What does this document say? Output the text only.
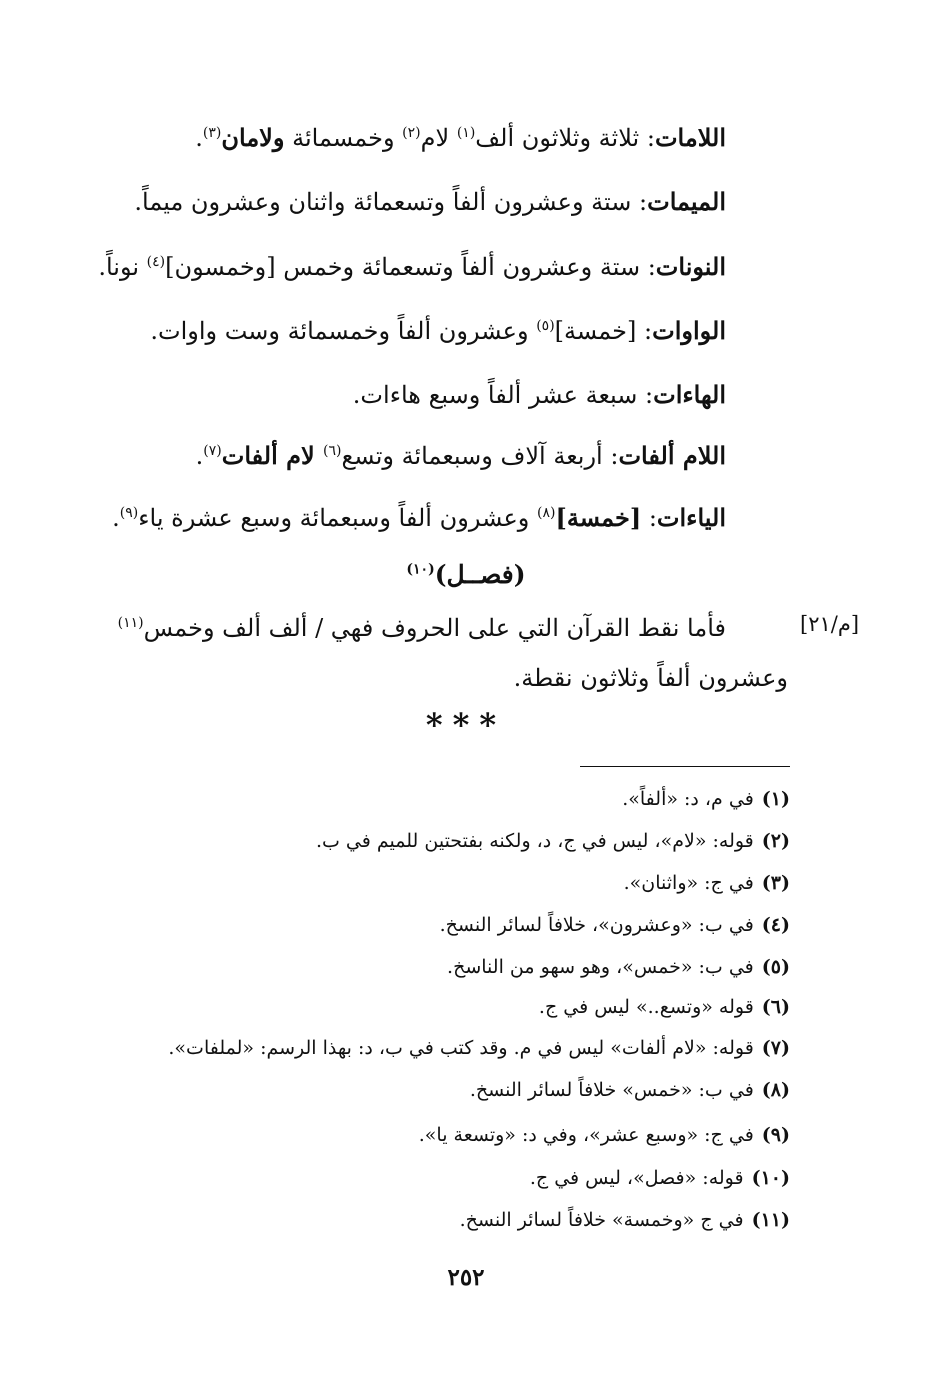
اللامات: ثلاثة وثلاثون ألف$^{(١)}$ لام$^{(٢)}$ وخمسمائة ولامان$^{(٣)}$.
الميمات: ستة وعشرون ألفاً وتسعمائة واثنان وعشرون ميماً.
النونات: ستة وعشرون ألفاً وتسعمائة وخمس [وخمسون]$^{(٤)}$ نوناً.
الواوات: [خمسة]$^{(٥)}$ وعشرون ألفاً وخمسمائة وست واوات.
الهاءات: سبعة عشر ألفاً وسبع هاءات.
اللام ألفات: أربعة آلاف وسبعمائة وتسع$^{(٦)}$ لام ألفات$^{(٧)}$.
الياءات: [خمسة]$^{(٨)}$ وعشرون ألفاً وسبعمائة وسبع عشرة ياء$^{(٩)}$.
(فصــل)$^{(١٠)}$
[م/٢١]
فأما نقط القرآن التي على الحروف فهي / ألف ألف وخمس$^{(١١)}$
وعشرون ألفاً وثلاثون نقطة.
***
(١)في م، د: «ألفاً».
(٢)قوله: «لام»، ليس في ج، د، ولكنه بفتحتين للميم في ب.
(٣)في ج: «واثنان».
(٤)في ب: «وعشرون»، خلافاً لسائر النسخ.
(٥)في ب: «خمس»، وهو سهو من الناسخ.
(٦)قوله «وتسع..» ليس في ج.
(٧)قوله: «لام ألفات» ليس في م. وقد كتب في ب، د: بهذا الرسم: «لملفات».
(٨)في ب: «خمس» خلافاً لسائر النسخ.
(٩)في ج: «وسبع عشر»، وفي د: «وتسعة يا».
(١٠)قوله: «فصل»، ليس في ج.
(١١)في ج «وخمسة» خلافاً لسائر النسخ.
٢٥٢
